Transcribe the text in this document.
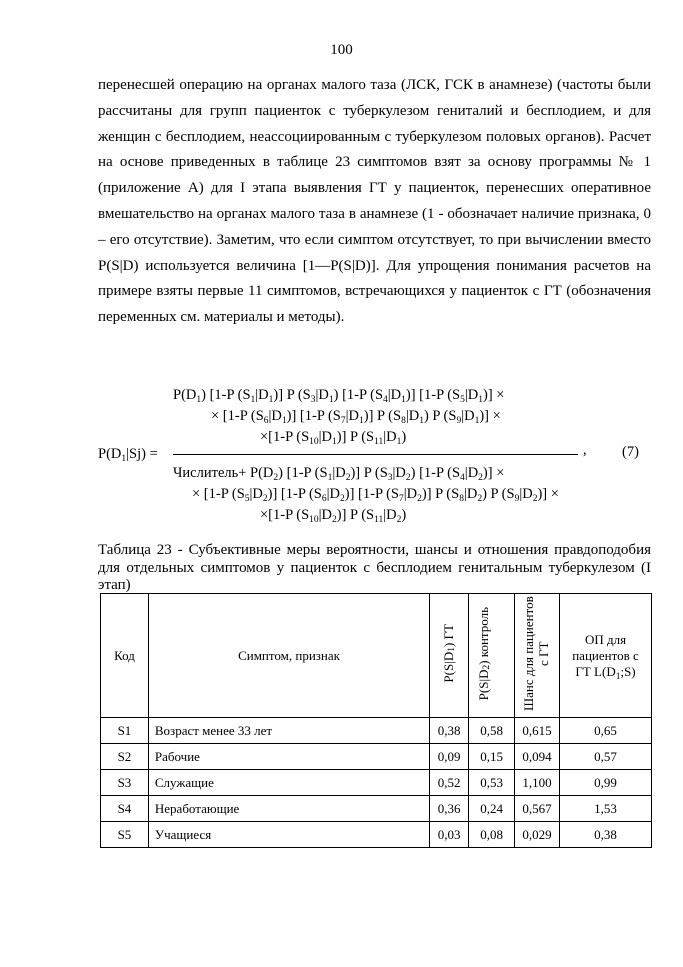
100
перенесшей операцию на органах малого таза (ЛСК, ГСК в анамнезе) (частоты были рассчитаны для групп пациенток с туберкулезом гениталий и бесплодием, и для женщин с бесплодием, неассоциированным с туберкулезом половых органов). Расчет на основе приведенных в таблице 23 симптомов взят за основу программы № 1 (приложение А) для I этапа выявления ГТ у пациенток, перенесших оперативное вмешательство на органах малого таза в анамнезе (1 - обозначает наличие признака, 0 – его отсутствие). Заметим, что если симптом отсутствует, то при вычислении вместо P(S|D) используется величина [1—P(S|D)]. Для упрощения понимания расчетов на примере взяты первые 11 симптомов, встречающихся у пациенток с ГТ (обозначения переменных см. материалы и методы).
$P(D_1)$ [1-P $(S_1|D_1)$] P $(S_3|D_1)$ [1-P $(S_4|D_1)$] [1-P $(S_5|D_1)$] ×
× [1-P $(S_6|D_1)$] [1-P $(S_7|D_1)$] P $(S_8|D_1)$ P $(S_9|D_1)$] ×
×[1-P $(S_{10}|D_1)$] P $(S_{11}|D_1)$
$P(D_1|Sj)$ =	, (7)
Числитель+ $P(D_2)$ [1-P $(S_1|D_2)$] P $(S_3|D_2)$ [1-P $(S_4|D_2)$] ×
× [1-P $(S_5|D_2)$] [1-P $(S_6|D_2)$] [1-P $(S_7|D_2)$] P $(S_8|D_2)$ P $(S_9|D_2)$] ×
×[1-P $(S_{10}|D_2)$] P $(S_{11}|D_2)$
Таблица 23 - Субъективные меры вероятности, шансы и отношения правдоподобия для отдельных симптомов у пациенток с бесплодием генитальным туберкулезом (I этап)
Код	Симптом, признак	$P(S|D_1)$ ГТ	$P(S|D_2)$ контроль	Шанс для пациентов с ГТ	ОП для пациентов с ГТ $L(D_1;S)$
S1	Возраст менее 33 лет	0,38	0,58	0,615	0,65
S2	Рабочие	0,09	0,15	0,094	0,57
S3	Служащие	0,52	0,53	1,100	0,99
S4	Неработающие	0,36	0,24	0,567	1,53
S5	Учащиеся	0,03	0,08	0,029	0,38
